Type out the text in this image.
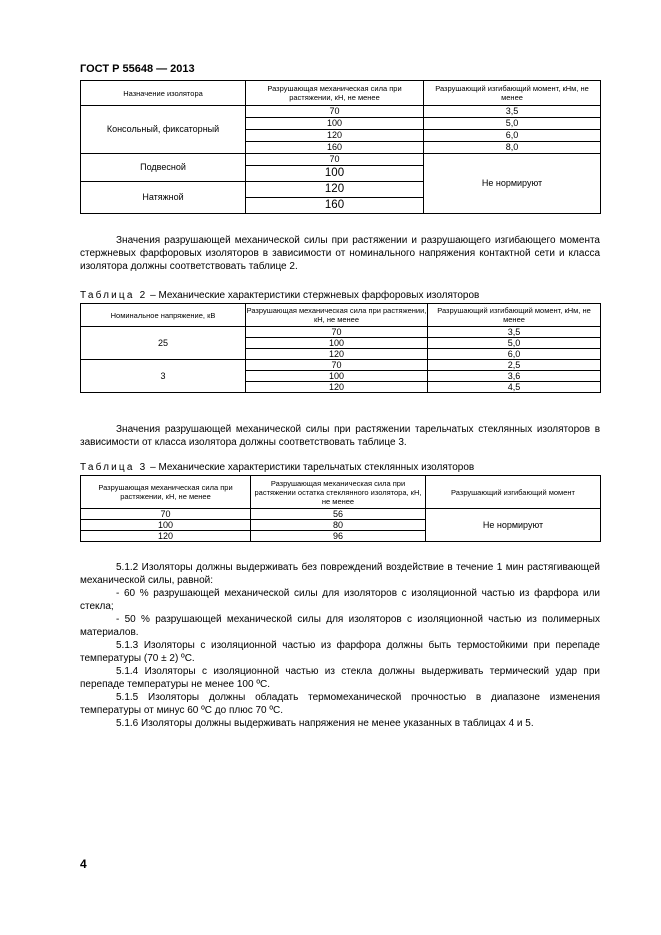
ГОСТ Р 55648 — 2013
Назначение изолятора	Разрушающая механическая сила при растяжении, кН, не менее	Разрушающий изгибающий момент, кНм, не менее
Консольный, фиксаторный	70	3,5
	100	5,0
	120	6,0
	160	8,0
Подвесной	70	Не нормируют
	100	
Натяжной	120	
	160	
Значения разрушающей механической силы при растяжении и разрушающего изгибающего момента стержневых фарфоровых изоляторов в зависимости от номинального напряжения контактной сети и класса изолятора должны соответствовать таблице 2.
Таблица 2 – Механические характеристики стержневых фарфоровых изоляторов
Номинальное напряжение, кВ	Разрушающая механическая сила при растяжении, кН, не менее	Разрушающий изгибающий момент, кНм, не менее
25	70	3,5
	100	5,0
	120	6,0
3	70	2,5
	100	3,6
	120	4,5
Значения разрушающей механической силы при растяжении тарельчатых стеклянных изоляторов в зависимости от класса изолятора должны соответствовать таблице 3.
Таблица 3 – Механические характеристики тарельчатых стеклянных изоляторов
Разрушающая механическая сила при растяжении, кН, не менее	Разрушающая механическая сила при растяжении остатка стеклянного изолятора, кН, не менее	Разрушающий изгибающий момент
70	56	Не нормируют
100	80	
120	96	
5.1.2 Изоляторы должны выдерживать без повреждений воздействие в течение 1 мин растягивающей механической силы, равной:
- 60 % разрушающей механической силы для изоляторов с изоляционной частью из фарфора или стекла;
- 50 % разрушающей механической силы для изоляторов с изоляционной частью из полимерных материалов.
5.1.3 Изоляторы с изоляционной частью из фарфора должны быть термостойкими при перепаде температуры (70 ± 2) ºС.
5.1.4 Изоляторы с изоляционной частью из стекла должны выдерживать термический удар при перепаде температуры не менее 100 ºС.
5.1.5 Изоляторы должны обладать термомеханической прочностью в диапазоне изменения температуры от минус 60 ºС до плюс 70 ºС.
5.1.6 Изоляторы должны выдерживать напряжения не менее указанных в таблицах 4 и 5.
4
